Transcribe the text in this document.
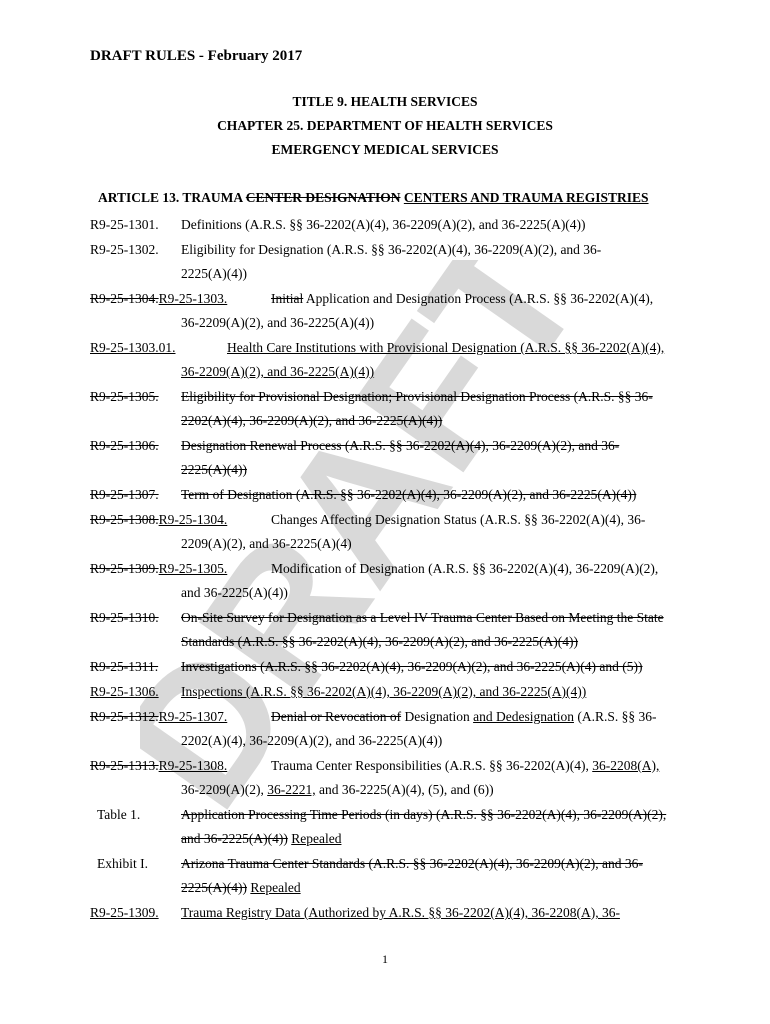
DRAFT
DRAFT RULES - February 2017
TITLE 9. HEALTH SERVICES
CHAPTER 25. DEPARTMENT OF HEALTH SERVICES
EMERGENCY MEDICAL SERVICES
ARTICLE 13. TRAUMA CENTER DESIGNATION CENTERS AND TRAUMA REGISTRIES
R9-25-1301. Definitions (A.R.S. §§ 36-2202(A)(4), 36-2209(A)(2), and 36-2225(A)(4))
R9-25-1302. Eligibility for Designation (A.R.S. §§ 36-2202(A)(4), 36-2209(A)(2), and 36-
2225(A)(4))
R9-25-1304.R9-25-1303.	Initial Application and Designation Process (A.R.S. §§ 36-2202(A)(4),
36-2209(A)(2), and 36-2225(A)(4))
R9-25-1303.01.	Health Care Institutions with Provisional Designation (A.R.S. §§ 36-2202(A)(4),
36-2209(A)(2), and 36-2225(A)(4))
R9-25-1305. Eligibility for Provisional Designation; Provisional Designation Process (A.R.S. §§ 36-
2202(A)(4), 36-2209(A)(2), and 36-2225(A)(4))
R9-25-1306. Designation Renewal Process (A.R.S. §§ 36-2202(A)(4), 36-2209(A)(2), and 36-
2225(A)(4))
R9-25-1307. Term of Designation (A.R.S. §§ 36-2202(A)(4), 36-2209(A)(2), and 36-2225(A)(4))
R9-25-1308.R9-25-1304.	Changes Affecting Designation Status (A.R.S. §§ 36-2202(A)(4), 36-
2209(A)(2), and 36-2225(A)(4)
R9-25-1309.R9-25-1305.	Modification of Designation (A.R.S. §§ 36-2202(A)(4), 36-2209(A)(2),
and 36-2225(A)(4))
R9-25-1310. On-Site Survey for Designation as a Level IV Trauma Center Based on Meeting the State
Standards (A.R.S. §§ 36-2202(A)(4), 36-2209(A)(2), and 36-2225(A)(4))
R9-25-1311. Investigations (A.R.S. §§ 36-2202(A)(4), 36-2209(A)(2), and 36-2225(A)(4) and (5))
R9-25-1306. Inspections (A.R.S. §§ 36-2202(A)(4), 36-2209(A)(2), and 36-2225(A)(4))
R9-25-1312.R9-25-1307.	Denial or Revocation of Designation and Dedesignation (A.R.S. §§ 36-
2202(A)(4), 36-2209(A)(2), and 36-2225(A)(4))
R9-25-1313.R9-25-1308.	Trauma Center Responsibilities (A.R.S. §§ 36-2202(A)(4), 36-2208(A),
36-2209(A)(2), 36-2221, and 36-2225(A)(4), (5), and (6))
Table 1.	Application Processing Time Periods (in days) (A.R.S. §§ 36-2202(A)(4), 36-2209(A)(2),
and 36-2225(A)(4)) Repealed
Exhibit I. Arizona Trauma Center Standards (A.R.S. §§ 36-2202(A)(4), 36-2209(A)(2), and 36-
2225(A)(4)) Repealed
R9-25-1309. Trauma Registry Data (Authorized by A.R.S. §§ 36-2202(A)(4), 36-2208(A), 36-
1
